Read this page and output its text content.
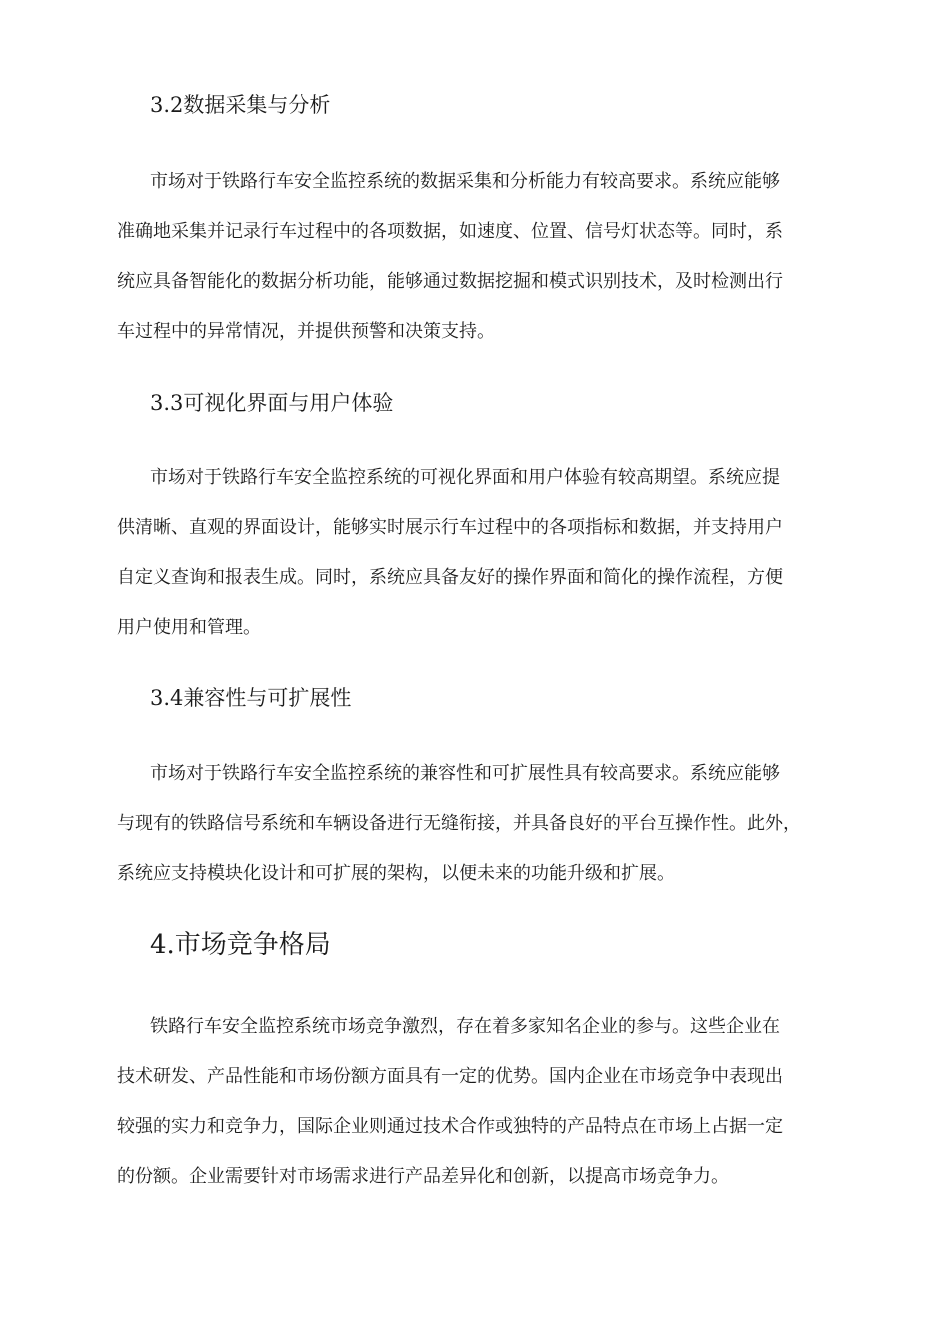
3.2数据采集与分析
市场对于铁路行车安全监控系统的数据采集和分析能力有较高要求。系统应能够
准确地采集并记录行车过程中的各项数据，如速度、位置、信号灯状态等。同时，系
统应具备智能化的数据分析功能，能够通过数据挖掘和模式识别技术，及时检测出行
车过程中的异常情况，并提供预警和决策支持。
3.3可视化界面与用户体验
市场对于铁路行车安全监控系统的可视化界面和用户体验有较高期望。系统应提
供清晰、直观的界面设计，能够实时展示行车过程中的各项指标和数据，并支持用户
自定义查询和报表生成。同时，系统应具备友好的操作界面和简化的操作流程，方便
用户使用和管理。
3.4兼容性与可扩展性
市场对于铁路行车安全监控系统的兼容性和可扩展性具有较高要求。系统应能够
与现有的铁路信号系统和车辆设备进行无缝衔接，并具备良好的平台互操作性。此外，
系统应支持模块化设计和可扩展的架构，以便未来的功能升级和扩展。
4.市场竞争格局
铁路行车安全监控系统市场竞争激烈，存在着多家知名企业的参与。这些企业在
技术研发、产品性能和市场份额方面具有一定的优势。国内企业在市场竞争中表现出
较强的实力和竞争力，国际企业则通过技术合作或独特的产品特点在市场上占据一定
的份额。企业需要针对市场需求进行产品差异化和创新，以提高市场竞争力。
